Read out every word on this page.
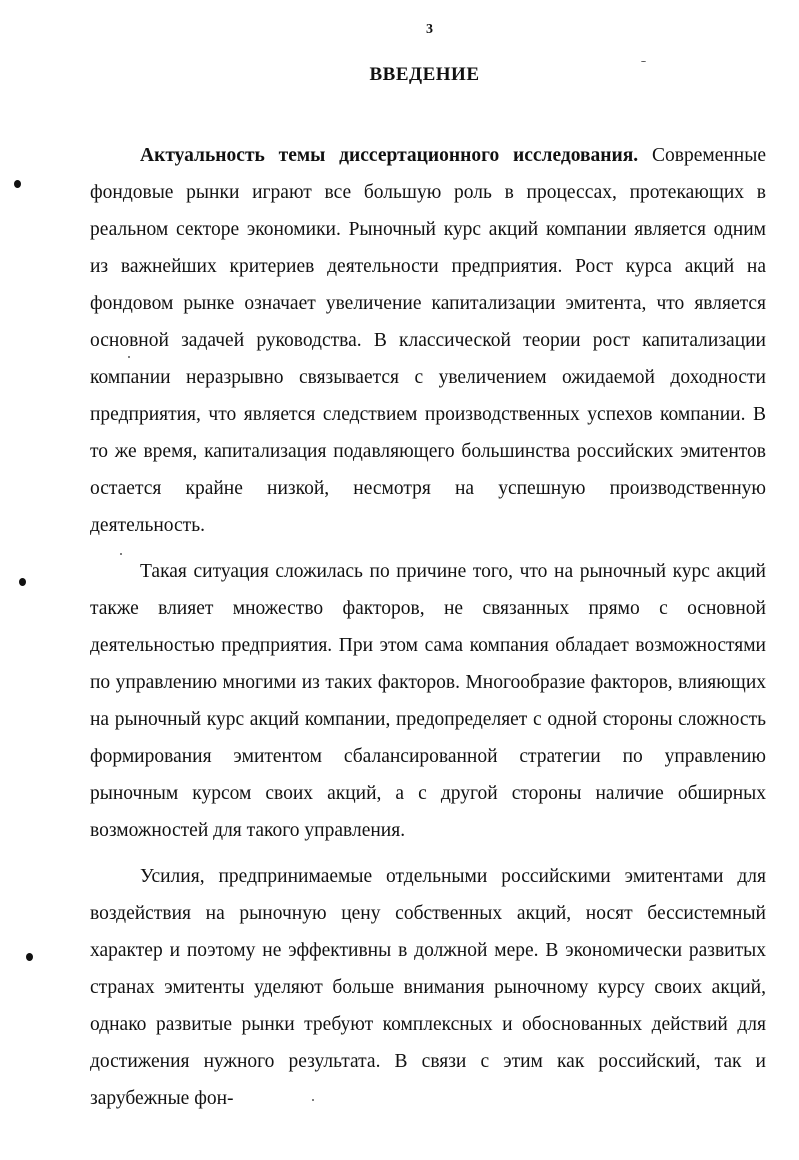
3
ВВЕДЕНИЕ

Актуальность темы диссертационного исследования. Современные фондовые рынки играют все большую роль в процессах, протекающих в реальном секторе экономики. Рыночный курс акций компании является одним из важнейших критериев деятельности предприятия. Рост курса акций на фондовом рынке означает увеличение капитализации эмитента, что является основной задачей руководства. В классической теории рост капитализации компании неразрывно связывается с увеличением ожидаемой доходности предприятия, что является следствием производственных успехов компании. В то же время, капитализация подавляющего большинства российских эмитентов остается крайне низкой, несмотря на успешную производственную деятельность.

Такая ситуация сложилась по причине того, что на рыночный курс акций также влияет множество факторов, не связанных прямо с основной деятельностью предприятия. При этом сама компания обладает возможностями по управлению многими из таких факторов. Многообразие факторов, влияющих на рыночный курс акций компании, предопределяет с одной стороны сложность формирования эмитентом сбалансированной стратегии по управлению рыночным курсом своих акций, а с другой стороны наличие обширных возможностей для такого управления.

Усилия, предпринимаемые отдельными российскими эмитентами для воздействия на рыночную цену собственных акций, носят бессистемный характер и поэтому не эффективны в должной мере. В экономически развитых странах эмитенты уделяют больше внимания рыночному курсу своих акций, однако развитые рынки требуют комплексных и обоснованных действий для достижения нужного результата. В связи с этим как российский, так и зарубежные фон-
